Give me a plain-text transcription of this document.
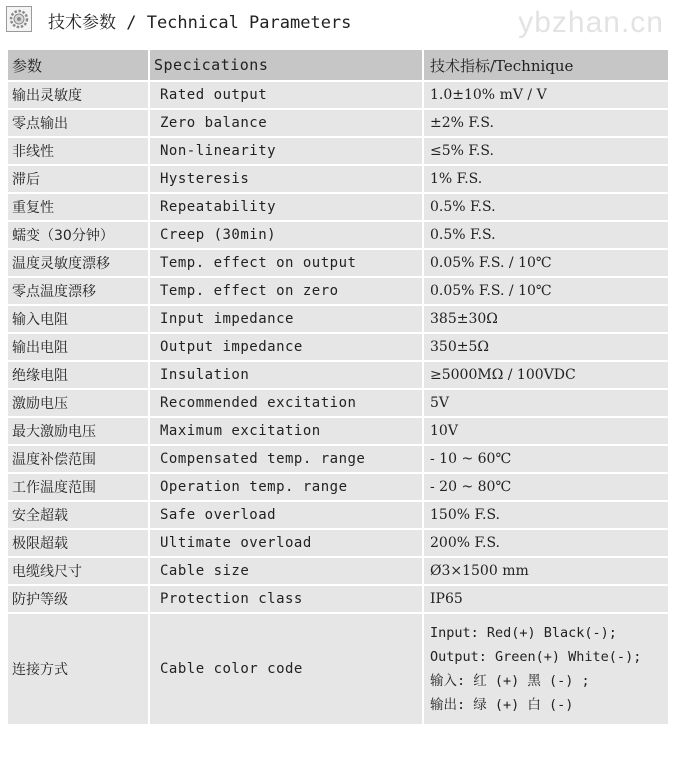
技术参数 / Technical Parameters	ybzhan.cn
参数	Specications	技术指标/Technique
输出灵敏度	Rated output	1.0±10% mV / V
零点输出	Zero balance	±2% F.S.
非线性	Non-linearity	≤5% F.S.
滞后	Hysteresis	1% F.S.
重复性	Repeatability	0.5% F.S.
蠕变（30分钟）	Creep (30min)	0.5% F.S.
温度灵敏度漂移	Temp. effect on output	0.05% F.S. / 10℃
零点温度漂移	Temp. effect on zero	0.05% F.S. / 10℃
输入电阻	Input impedance	385±30Ω
输出电阻	Output impedance	350±5Ω
绝缘电阻	Insulation	≥5000MΩ / 100VDC
激励电压	Recommended excitation	5V
最大激励电压	Maximum excitation	10V
温度补偿范围	Compensated temp. range	- 10 ~ 60℃
工作温度范围	Operation temp. range	- 20 ~ 80℃
安全超载	Safe overload	150% F.S.
极限超载	Ultimate overload	200% F.S.
电缆线尺寸	Cable size	Ø3×1500 mm
防护等级	Protection class	IP65
连接方式	Cable color code	Input: Red(+) Black(-);
Output: Green(+) White(-);
输入: 红 (+) 黑 (-) ;
输出: 绿 (+) 白 (-)
